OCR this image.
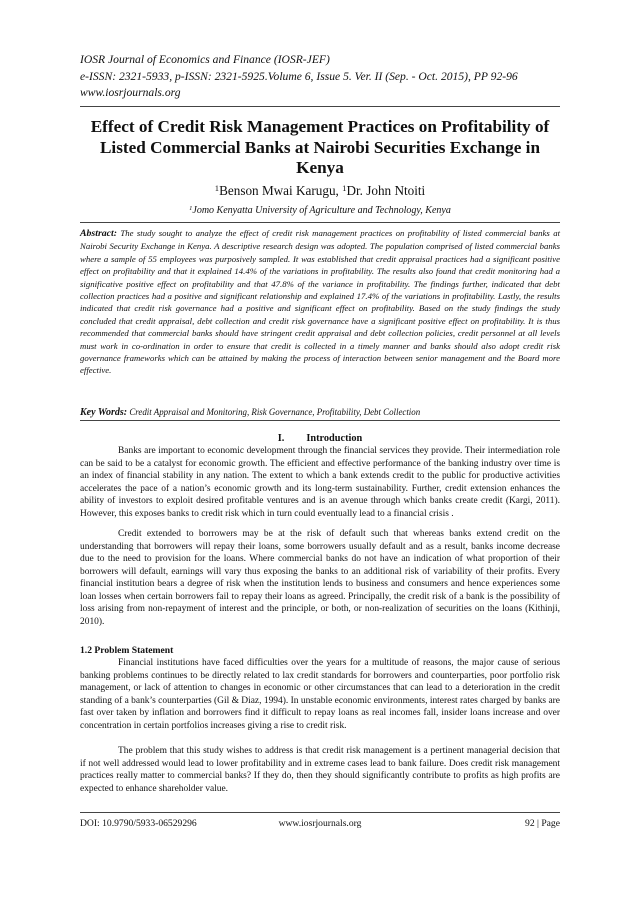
IOSR Journal of Economics and Finance (IOSR-JEF)
e-ISSN: 2321-5933, p-ISSN: 2321-5925.Volume 6, Issue 5. Ver. II (Sep. - Oct. 2015), PP 92-96
www.iosrjournals.org
Effect of Credit Risk Management Practices on Profitability of Listed Commercial Banks at Nairobi Securities Exchange in Kenya
$^1$Benson Mwai Karugu, $^1$Dr. John Ntoiti
$^1$Jomo Kenyatta University of Agriculture and Technology, Kenya
Abstract: The study sought to analyze the effect of credit risk management practices on profitability of listed commercial banks at Nairobi Security Exchange in Kenya. A descriptive research design was adopted. The population comprised of listed commercial banks where a sample of 55 employees was purposively sampled. It was established that credit appraisal practices had a significant positive effect on profitability and that it explained 14.4% of the variations in profitability. The results also found that credit monitoring had a significative positive effect on profitability and that 47.8% of the variance in profitability. The findings further, indicated that debt collection practices had a positive and significant relationship and explained 17.4% of the variations in profitability. Lastly, the results indicated that credit risk governance had a positive and significant effect on profitability. Based on the study findings the study concluded that credit appraisal, debt collection and credit risk governance have a significant positive effect on profitability. It is thus recommended that commercial banks should have stringent credit appraisal and debt collection policies, credit personnel at all levels must work in co-ordination in order to ensure that credit is collected in a timely manner and banks should also adopt credit risk governance frameworks which can be attained by making the process of interaction between senior management and the Board more effective.
Key Words: Credit Appraisal and Monitoring, Risk Governance, Profitability, Debt Collection
I. Introduction

Banks are important to economic development through the financial services they provide. Their intermediation role can be said to be a catalyst for economic growth. The efficient and effective performance of the banking industry over time is an index of financial stability in any nation. The extent to which a bank extends credit to the public for productive activities accelerates the pace of a nation’s economic growth and its long-term sustainability. Further, credit extension enhances the ability of investors to exploit desired profitable ventures and is an avenue through which banks create credit (Kargi, 2011). However, this exposes banks to credit risk which in turn could eventually lead to a financial crisis .

Credit extended to borrowers may be at the risk of default such that whereas banks extend credit on the understanding that borrowers will repay their loans, some borrowers usually default and as a result, banks income decrease due to the need to provision for the loans. Where commercial banks do not have an indication of what proportion of their borrowers will default, earnings will vary thus exposing the banks to an additional risk of variability of their profits. Every financial institution bears a degree of risk when the institution lends to business and consumers and hence experiences some loan losses when certain borrowers fail to repay their loans as agreed. Principally, the credit risk of a bank is the possibility of loss arising from non-repayment of interest and the principle, or both, or non-realization of securities on the loans (Kithinji, 2010).

1.2 Problem Statement

Financial institutions have faced difficulties over the years for a multitude of reasons, the major cause of serious banking problems continues to be directly related to lax credit standards for borrowers and counterparties, poor portfolio risk management, or lack of attention to changes in economic or other circumstances that can lead to a deterioration in the credit standing of a bank’s counterparties (Gil & Diaz, 1994). In unstable economic environments, interest rates charged by banks are fast over taken by inflation and borrowers find it difficult to repay loans as real incomes fall, insider loans increase and over concentration in certain portfolios increases giving a rise to credit risk.

The problem that this study wishes to address is that credit risk management is a pertinent managerial decision that if not well addressed would lead to lower profitability and in extreme cases lead to bank failure. Does credit risk management practices really matter to commercial banks? If they do, then they should significantly contribute to profits as high profits are expected to enhance shareholder value.

DOI: 10.9790/5933-06529296	www.iosrjournals.org	92 | Page
